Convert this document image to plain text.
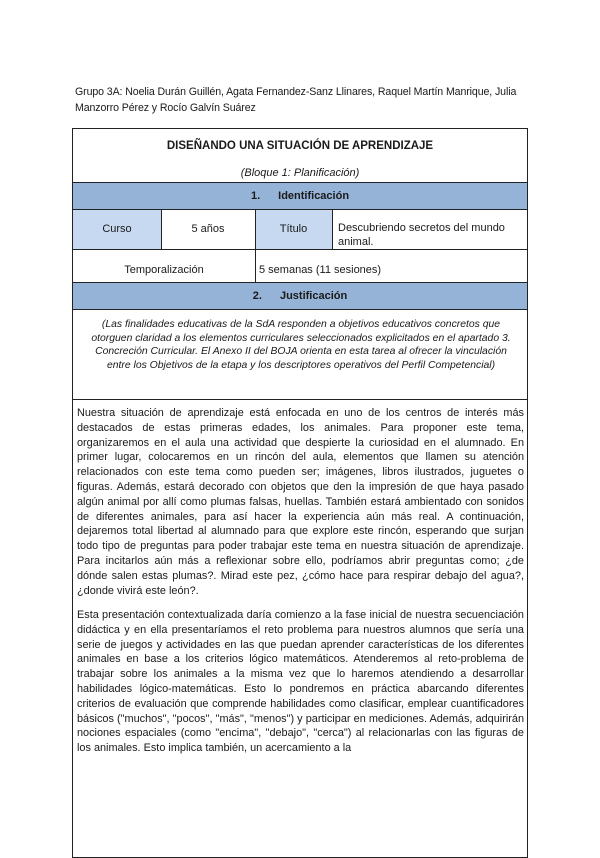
Grupo 3A: Noelia Durán Guillén, Agata Fernandez-Sanz Llinares, Raquel Martín Manrique, Julia Manzorro Pérez y Rocío Galvín Suárez
DISEÑANDO UNA SITUACIÓN DE APRENDIZAJE
(Bloque 1: Planificación)
1. Identificación
Curso	5 años	Título	Descubriendo secretos del mundo animal.
Temporalización	5 semanas (11 sesiones)
2. Justificación
(Las finalidades educativas de la SdA responden a objetivos educativos concretos que otorguen claridad a los elementos curriculares seleccionados explicitados en el apartado 3. Concreción Curricular. El Anexo II del BOJA orienta en esta tarea al ofrecer la vinculación entre los Objetivos de la etapa y los descriptores operativos del Perfil Competencial)
Nuestra situación de aprendizaje está enfocada en uno de los centros de interés más destacados de estas primeras edades, los animales. Para proponer este tema, organizaremos en el aula una actividad que despierte la curiosidad en el alumnado. En primer lugar, colocaremos en un rincón del aula, elementos que llamen su atención relacionados con este tema como pueden ser; imágenes, libros ilustrados, juguetes o figuras. Además, estará decorado con objetos que den la impresión de que haya pasado algún animal por allí como plumas falsas, huellas. También estará ambientado con sonidos de diferentes animales, para así hacer la experiencia aún más real. A continuación, dejaremos total libertad al alumnado para que explore este rincón, esperando que surjan todo tipo de preguntas para poder trabajar este tema en nuestra situación de aprendizaje. Para incitarlos aún más a reflexionar sobre ello, podríamos abrir preguntas como; ¿de dónde salen estas plumas?. Mirad este pez, ¿cómo hace para respirar debajo del agua?, ¿donde vivirá este león?.
Esta presentación contextualizada daría comienzo a la fase inicial de nuestra secuenciación didáctica y en ella presentaríamos el reto problema para nuestros alumnos que sería una serie de juegos y actividades en las que puedan aprender características de los diferentes animales en base a los criterios lógico matemáticos. Atenderemos al reto-problema de trabajar sobre los animales a la misma vez que lo haremos atendiendo a desarrollar habilidades lógico-matemáticas. Esto lo pondremos en práctica abarcando diferentes criterios de evaluación que comprende habilidades como clasificar, emplear cuantificadores básicos ("muchos", "pocos", "más", "menos") y participar en mediciones. Además, adquirirán nociones espaciales (como "encima", "debajo", "cerca") al relacionarlas con las figuras de los animales. Esto implica también, un acercamiento a la
